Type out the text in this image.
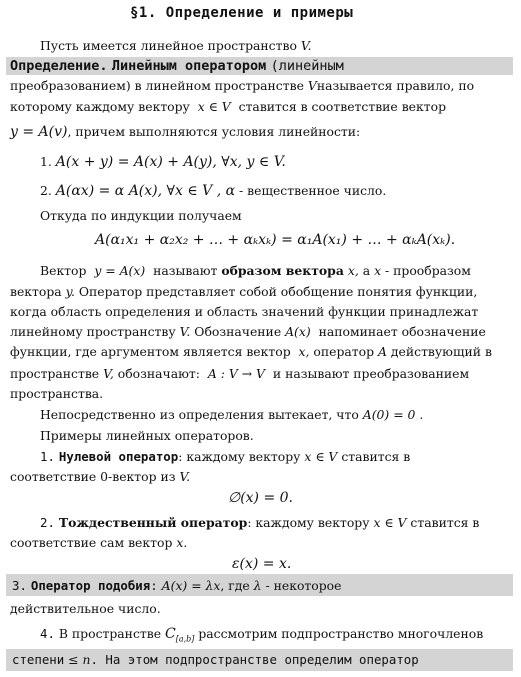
§1. Определение и примеры
Пусть имеется линейное пространство V.
Определение. Линейным оператором (линейным
преобразованием) в линейном пространстве Vназывается правило, по
которому каждому вектору x ∈ V ставится в соответствие вектор
y = A(v), причем выполняются условия линейности:
1. A(x + y) = A(x) + A(y), ∀x, y ∈ V.
2. A(αx) = α A(x), ∀x ∈ V , α - вещественное число.
Откуда по индукции получаем
A(α₁x₁ + α₂x₂ + … + αₖxₖ) = α₁A(x₁) + … + αₖA(xₖ).
Вектор y = A(x) называют образом вектора x, а x - прообразом
вектора y. Оператор представляет собой обобщение понятия функции,
когда область определения и область значений функции принадлежат
линейному пространству V. Обозначение A(x) напоминает обозначение
функции, где аргументом является вектор x, оператор A действующий в
пространстве V, обозначают: A : V → V и называют преобразованием
пространства.
Непосредственно из определения вытекает, что A(0) = 0 .
Примеры линейных операторов.
1. Нулевой оператор: каждому вектору x ∈ V ставится в
соответствие 0-вектор из V.
∅(x) = 0.
2. Тождественный оператор: каждому вектору x ∈ V ставится в
соответствие сам вектор x.
ε(x) = x.
3. Оператор подобия: A(x) = λx, где λ - некоторое
действительное число.
4. В пространстве $C_{[a,b]}$ рассмотрим подпространство многочленов
степени ≤ n. На этом подпространстве определим оператор
